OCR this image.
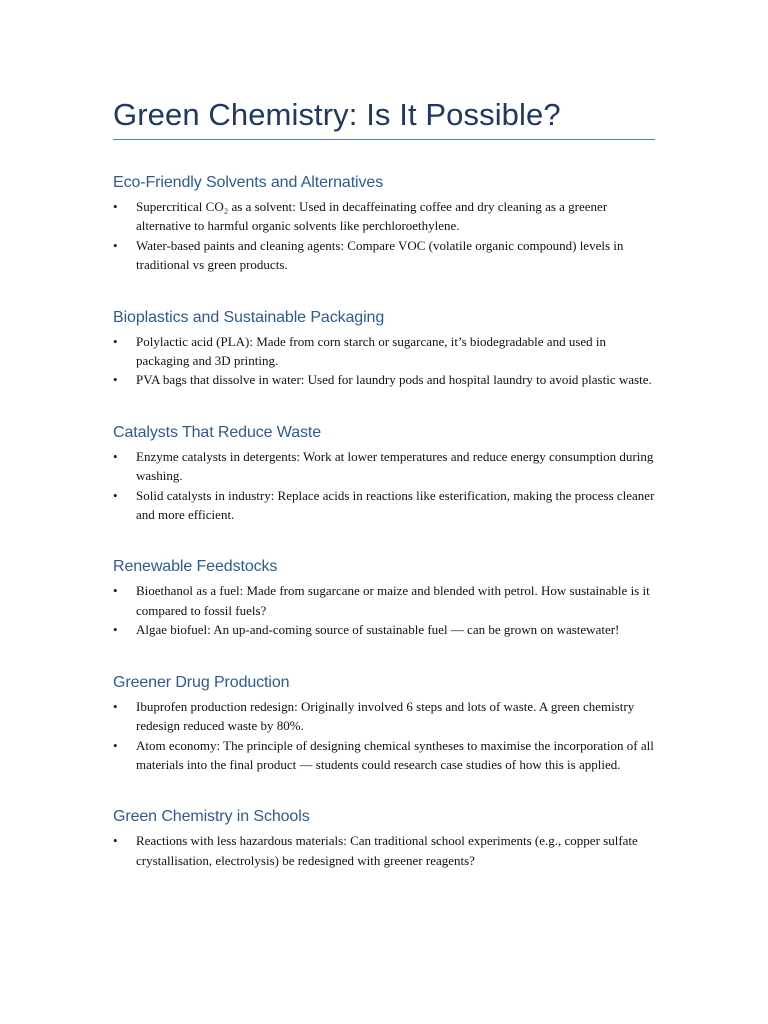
Green Chemistry: Is It Possible?
Eco-Friendly Solvents and Alternatives
• Supercritical CO₂ as a solvent: Used in decaffeinating coffee and dry cleaning as a greener alternative to harmful organic solvents like perchloroethylene.
• Water-based paints and cleaning agents: Compare VOC (volatile organic compound) levels in traditional vs green products.
Bioplastics and Sustainable Packaging
• Polylactic acid (PLA): Made from corn starch or sugarcane, it’s biodegradable and used in packaging and 3D printing.
• PVA bags that dissolve in water: Used for laundry pods and hospital laundry to avoid plastic waste.
Catalysts That Reduce Waste
• Enzyme catalysts in detergents: Work at lower temperatures and reduce energy consumption during washing.
• Solid catalysts in industry: Replace acids in reactions like esterification, making the process cleaner and more efficient.
Renewable Feedstocks
• Bioethanol as a fuel: Made from sugarcane or maize and blended with petrol. How sustainable is it compared to fossil fuels?
• Algae biofuel: An up-and-coming source of sustainable fuel — can be grown on wastewater!
Greener Drug Production
• Ibuprofen production redesign: Originally involved 6 steps and lots of waste. A green chemistry redesign reduced waste by 80%.
• Atom economy: The principle of designing chemical syntheses to maximise the incorporation of all materials into the final product — students could research case studies of how this is applied.
Green Chemistry in Schools
• Reactions with less hazardous materials: Can traditional school experiments (e.g., copper sulfate crystallisation, electrolysis) be redesigned with greener reagents?
